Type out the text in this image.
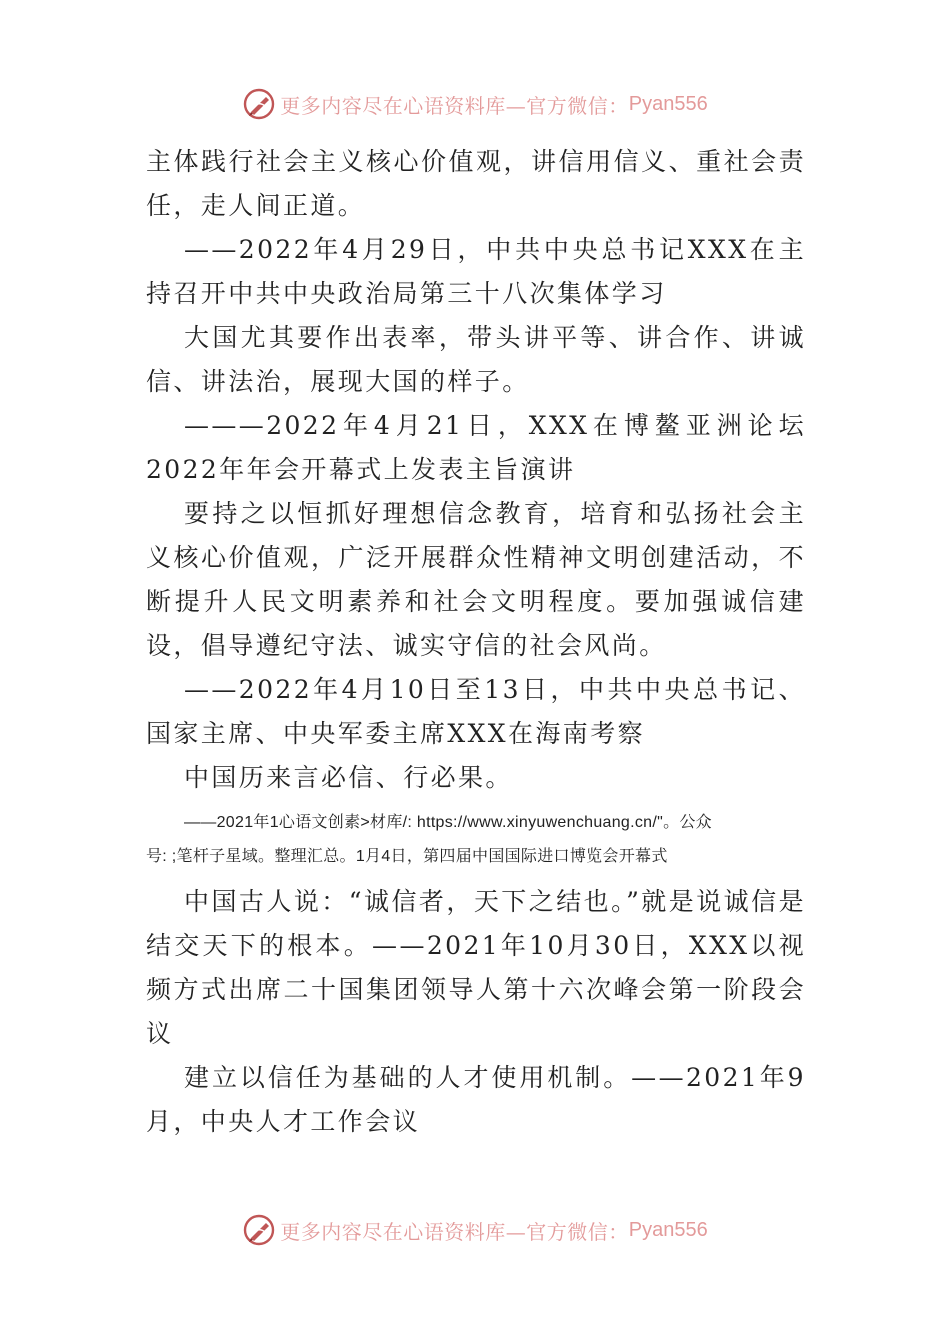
更多内容尽在心语资料库—官方微信： Pyan556

主体践行社会主义核心价值观，讲信用信义、重社会责任，走人间正道。

——2022年4月29日，中共中央总书记XXX在主持召开中共中央政治局第三十八次集体学习

大国尤其要作出表率，带头讲平等、讲合作、讲诚信、讲法治，展现大国的样子。

———2022年4月21日，XXX在博鳌亚洲论坛2022年年会开幕式上发表主旨演讲

要持之以恒抓好理想信念教育，培育和弘扬社会主义核心价值观，广泛开展群众性精神文明创建活动，不断提升人民文明素养和社会文明程度。要加强诚信建设，倡导遵纪守法、诚实守信的社会风尚。

——2022年4月10日至13日，中共中央总书记、国家主席、中央军委主席XXX在海南考察

中国历来言必信、行必果。

——2021年1心语文创素>材库/: https://www.xinyuwenchuang.cn/"。公众

号: ;笔杆子星域。整理汇总。1月4日，第四届中国国际进口博览会开幕式

中国古人说：“诚信者，天下之结也。”就是说诚信是结交天下的根本。——2021年10月30日，XXX以视频方式出席二十国集团领导人第十六次峰会第一阶段会议

建立以信任为基础的人才使用机制。——2021年9月，中央人才工作会议

更多内容尽在心语资料库—官方微信： Pyan556
